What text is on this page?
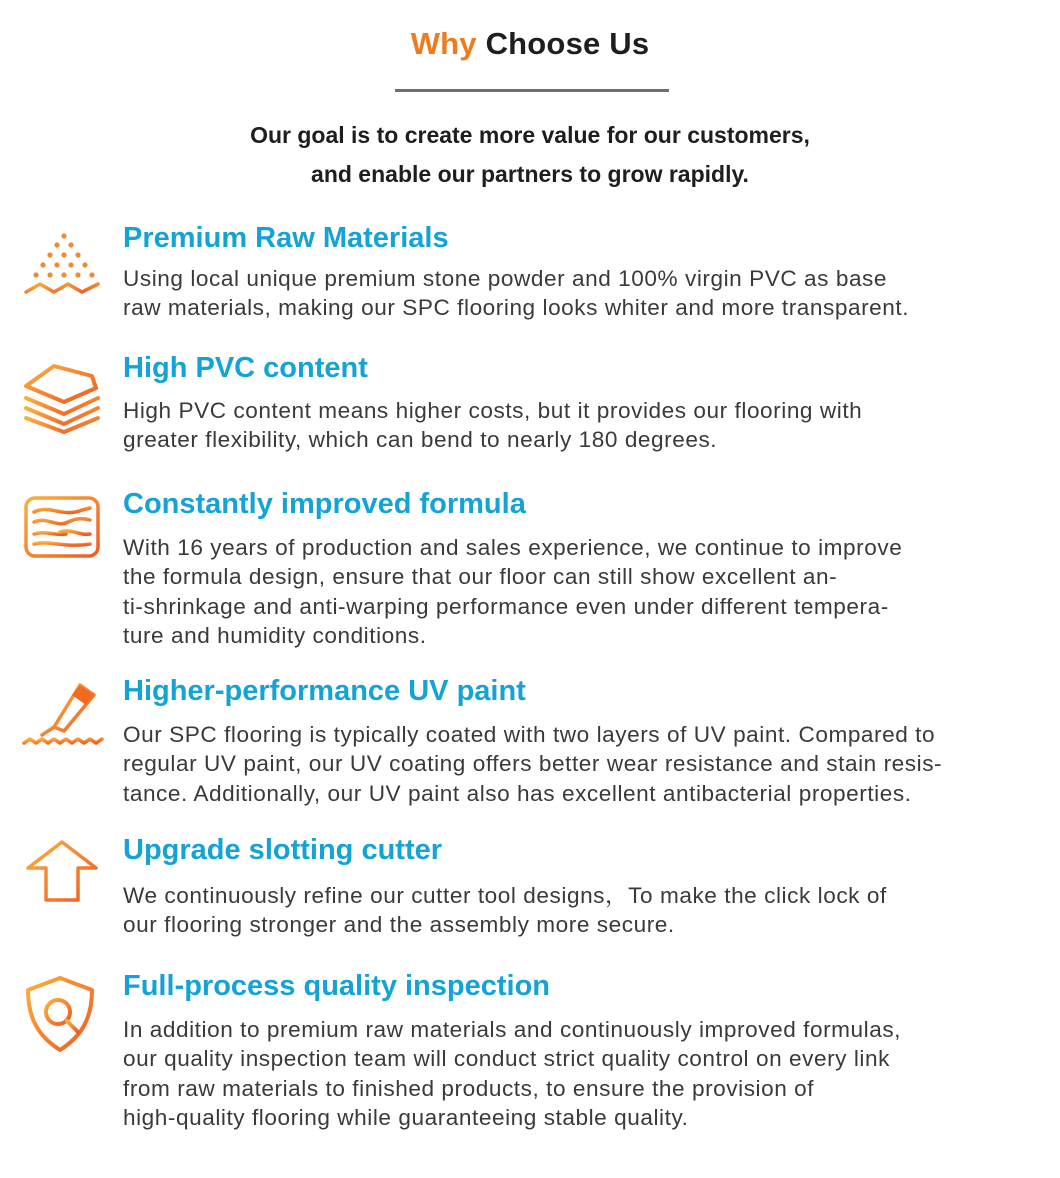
Why Choose Us
Our goal is to create more value for our customers,
and enable our partners to grow rapidly.
Premium Raw Materials
Using local unique premium stone powder and 100% virgin PVC as base
raw materials, making our SPC flooring looks whiter and more transparent.
High PVC content
High PVC content means higher costs, but it provides our flooring with
greater flexibility, which can bend to nearly 180 degrees.
Constantly improved formula
With 16 years of production and sales experience, we continue to improve
the formula design, ensure that our floor can still show excellent an-
ti-shrinkage and anti-warping performance even under different tempera-
ture and humidity conditions.
Higher-performance UV paint
Our SPC flooring is typically coated with two layers of UV paint. Compared to
regular UV paint, our UV coating offers better wear resistance and stain resis-
tance. Additionally, our UV paint also has excellent antibacterial properties.
Upgrade slotting cutter
We continuously refine our cutter tool designs，To make the click lock of
our flooring stronger and the assembly more secure.
Full-process quality inspection
In addition to premium raw materials and continuously improved formulas,
our quality inspection team will conduct strict quality control on every link
from raw materials to finished products, to ensure the provision of
high-quality flooring while guaranteeing stable quality.
